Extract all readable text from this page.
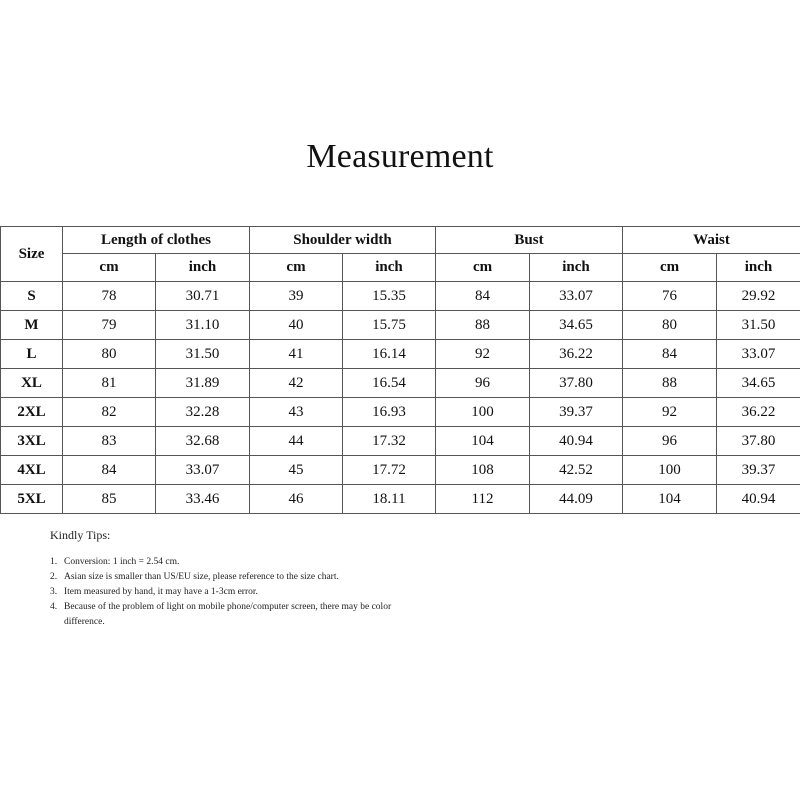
Measurement
Size	Length of clothes		Shoulder width		Bust		Waist	
	cm	inch	cm	inch	cm	inch	cm	inch
S	78	30.71	39	15.35	84	33.07	76	29.92
M	79	31.10	40	15.75	88	34.65	80	31.50
L	80	31.50	41	16.14	92	36.22	84	33.07
XL	81	31.89	42	16.54	96	37.80	88	34.65
2XL	82	32.28	43	16.93	100	39.37	92	36.22
3XL	83	32.68	44	17.32	104	40.94	96	37.80
4XL	84	33.07	45	17.72	108	42.52	100	39.37
5XL	85	33.46	46	18.11	112	44.09	104	40.94
Kindly Tips:
1. Conversion: 1 inch = 2.54 cm.
2. Asian size is smaller than US/EU size, please reference to the size chart.
3. Item measured by hand, it may have a 1-3cm error.
4. Because of the problem of light on mobile phone/computer screen, there may be color difference.
